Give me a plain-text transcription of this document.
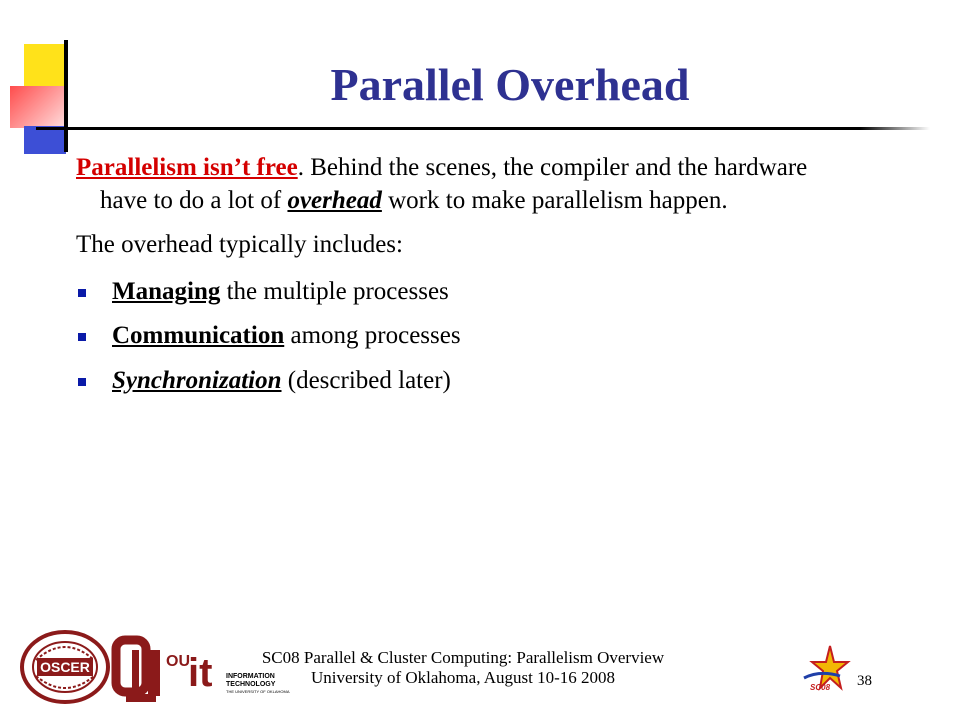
Parallel Overhead

Parallelism isn’t free. Behind the scenes, the compiler and the hardware have to do a lot of overhead work to make parallelism happen.

The overhead typically includes:

Managing the multiple processes
Communication among processes
Synchronization (described later)
OSCER	OU
it INFORMATION
TECHNOLOGY
THE UNIVERSITY OF OKLAHOMA
SC08 Parallel & Cluster Computing: Parallelism Overview
University of Oklahoma, August 10-16 2008
SC08 38
